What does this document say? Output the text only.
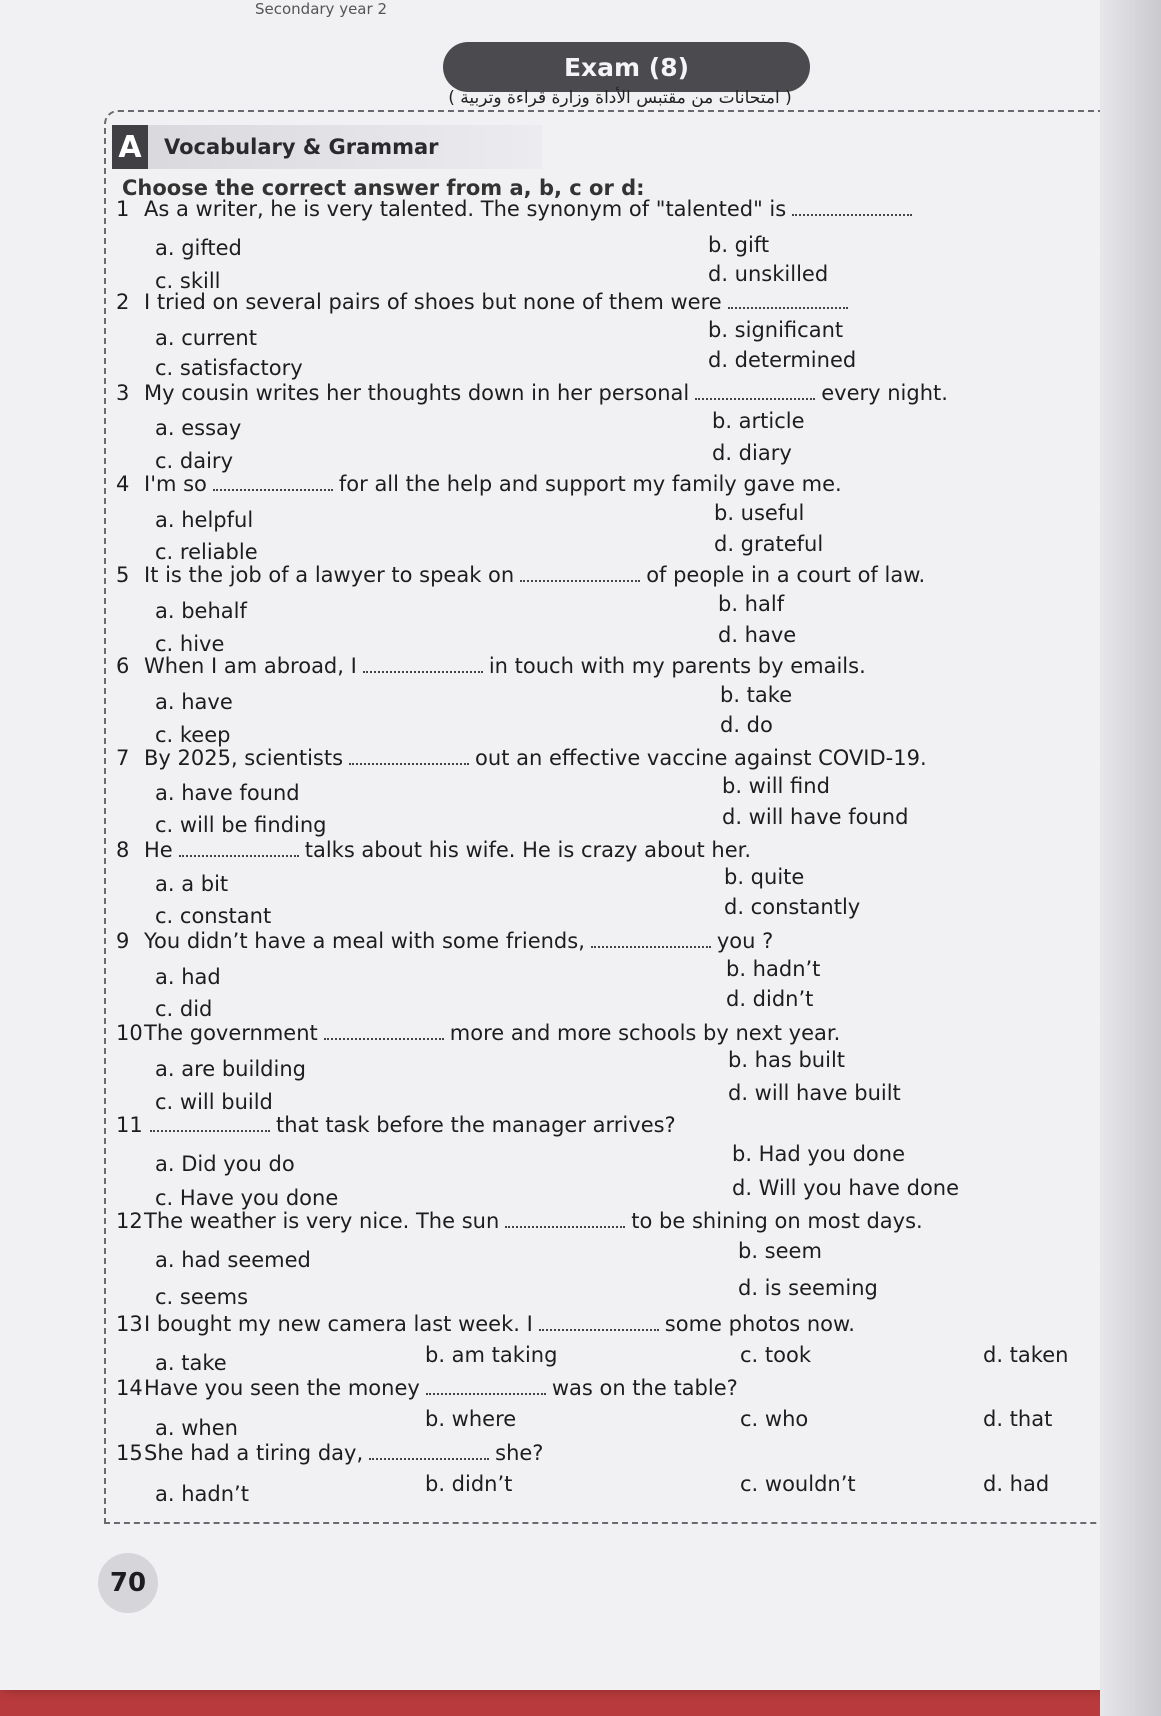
Secondary year 2
Exam (8)
( امتحانات من مقتبس الأداة وزارة قراءة وتربية )
A	Vocabulary & Grammar
Choose the correct answer from a, b, c or d:
1 As a writer, he is very talented. The synonym of "talented" is
a. gifted	b. gift
c. skill	d. unskilled
2 I tried on several pairs of shoes but none of them were
a. current	b. significant
c. satisfactory	d. determined
3 My cousin writes her thoughts down in her personal	every night.
a. essay	b. article
c. dairy	d. diary
4 I'm so	for all the help and support my family gave me.
a. helpful	b. useful
c. reliable	d. grateful
5 It is the job of a lawyer to speak on	of people in a court of law.
a. behalf	b. half
c. hive	d. have
6 When I am abroad, I	in touch with my parents by emails.
a. have	b. take
c. keep	d. do
7 By 2025, scientists	out an effective vaccine against COVID-19.
a. have found	b. will find
c. will be finding	d. will have found
8 He	talks about his wife. He is crazy about her.
a. a bit	b. quite
c. constant	d. constantly
9 You didn’t have a meal with some friends,	you ?
a. had	b. hadn’t
c. did	d. didn’t
10The government	more and more schools by next year.
a. are building	b. has built
c. will build	d. will have built
11	that task before the manager arrives?
a. Did you do	b. Had you done
c. Have you done	d. Will you have done
12The weather is very nice. The sun	to be shining on most days.
a. had seemed	b. seem
c. seems	d. is seeming
13I bought my new camera last week. I	some photos now.
a. take	b. am taking	c. took	d. taken
14Have you seen the money	was on the table?
a. when	b. where	c. who	d. that
15She had a tiring day,	she?
a. hadn’t	b. didn’t	c. wouldn’t	d. had
70
